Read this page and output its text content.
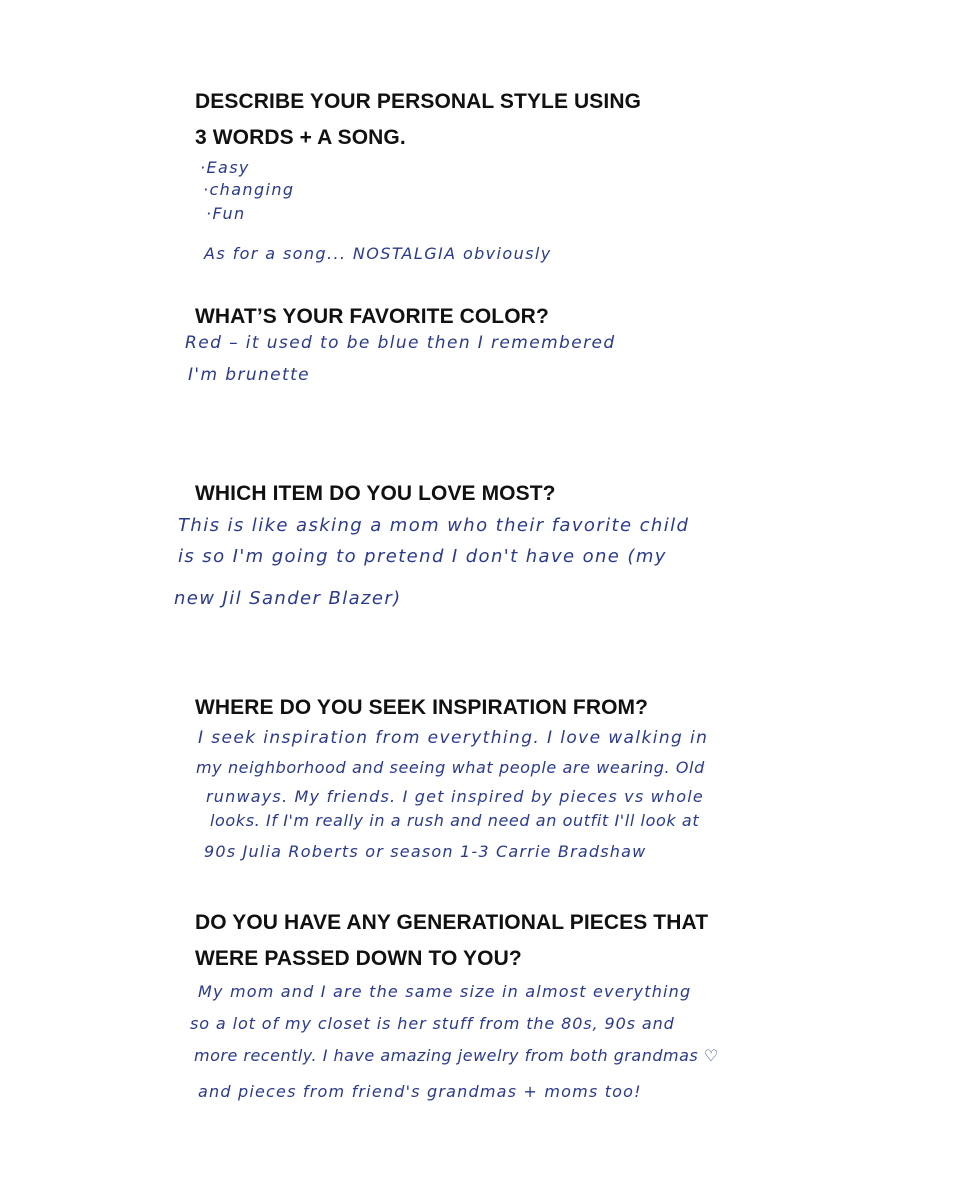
DESCRIBE YOUR PERSONAL STYLE USING
3 WORDS + A SONG.
·Easy
·changing
·Fun
As for a song... NOSTALGIA obviously
WHAT’S YOUR FAVORITE COLOR?
Red – it used to be blue then I remembered
I'm brunette
WHICH ITEM DO YOU LOVE MOST?
This is like asking a mom who their favorite child
is so I'm going to pretend I don't have one (my
new Jil Sander Blazer)
WHERE DO YOU SEEK INSPIRATION FROM?
I seek inspiration from everything. I love walking in
my neighborhood and seeing what people are wearing. Old
runways. My friends. I get inspired by pieces vs whole
looks. If I'm really in a rush and need an outfit I'll look at
90s Julia Roberts or season 1-3 Carrie Bradshaw
DO YOU HAVE ANY GENERATIONAL PIECES THAT
WERE PASSED DOWN TO YOU?
My mom and I are the same size in almost everything
so a lot of my closet is her stuff from the 80s, 90s and
more recently. I have amazing jewelry from both grandmas ♡
and pieces from friend's grandmas + moms too!
